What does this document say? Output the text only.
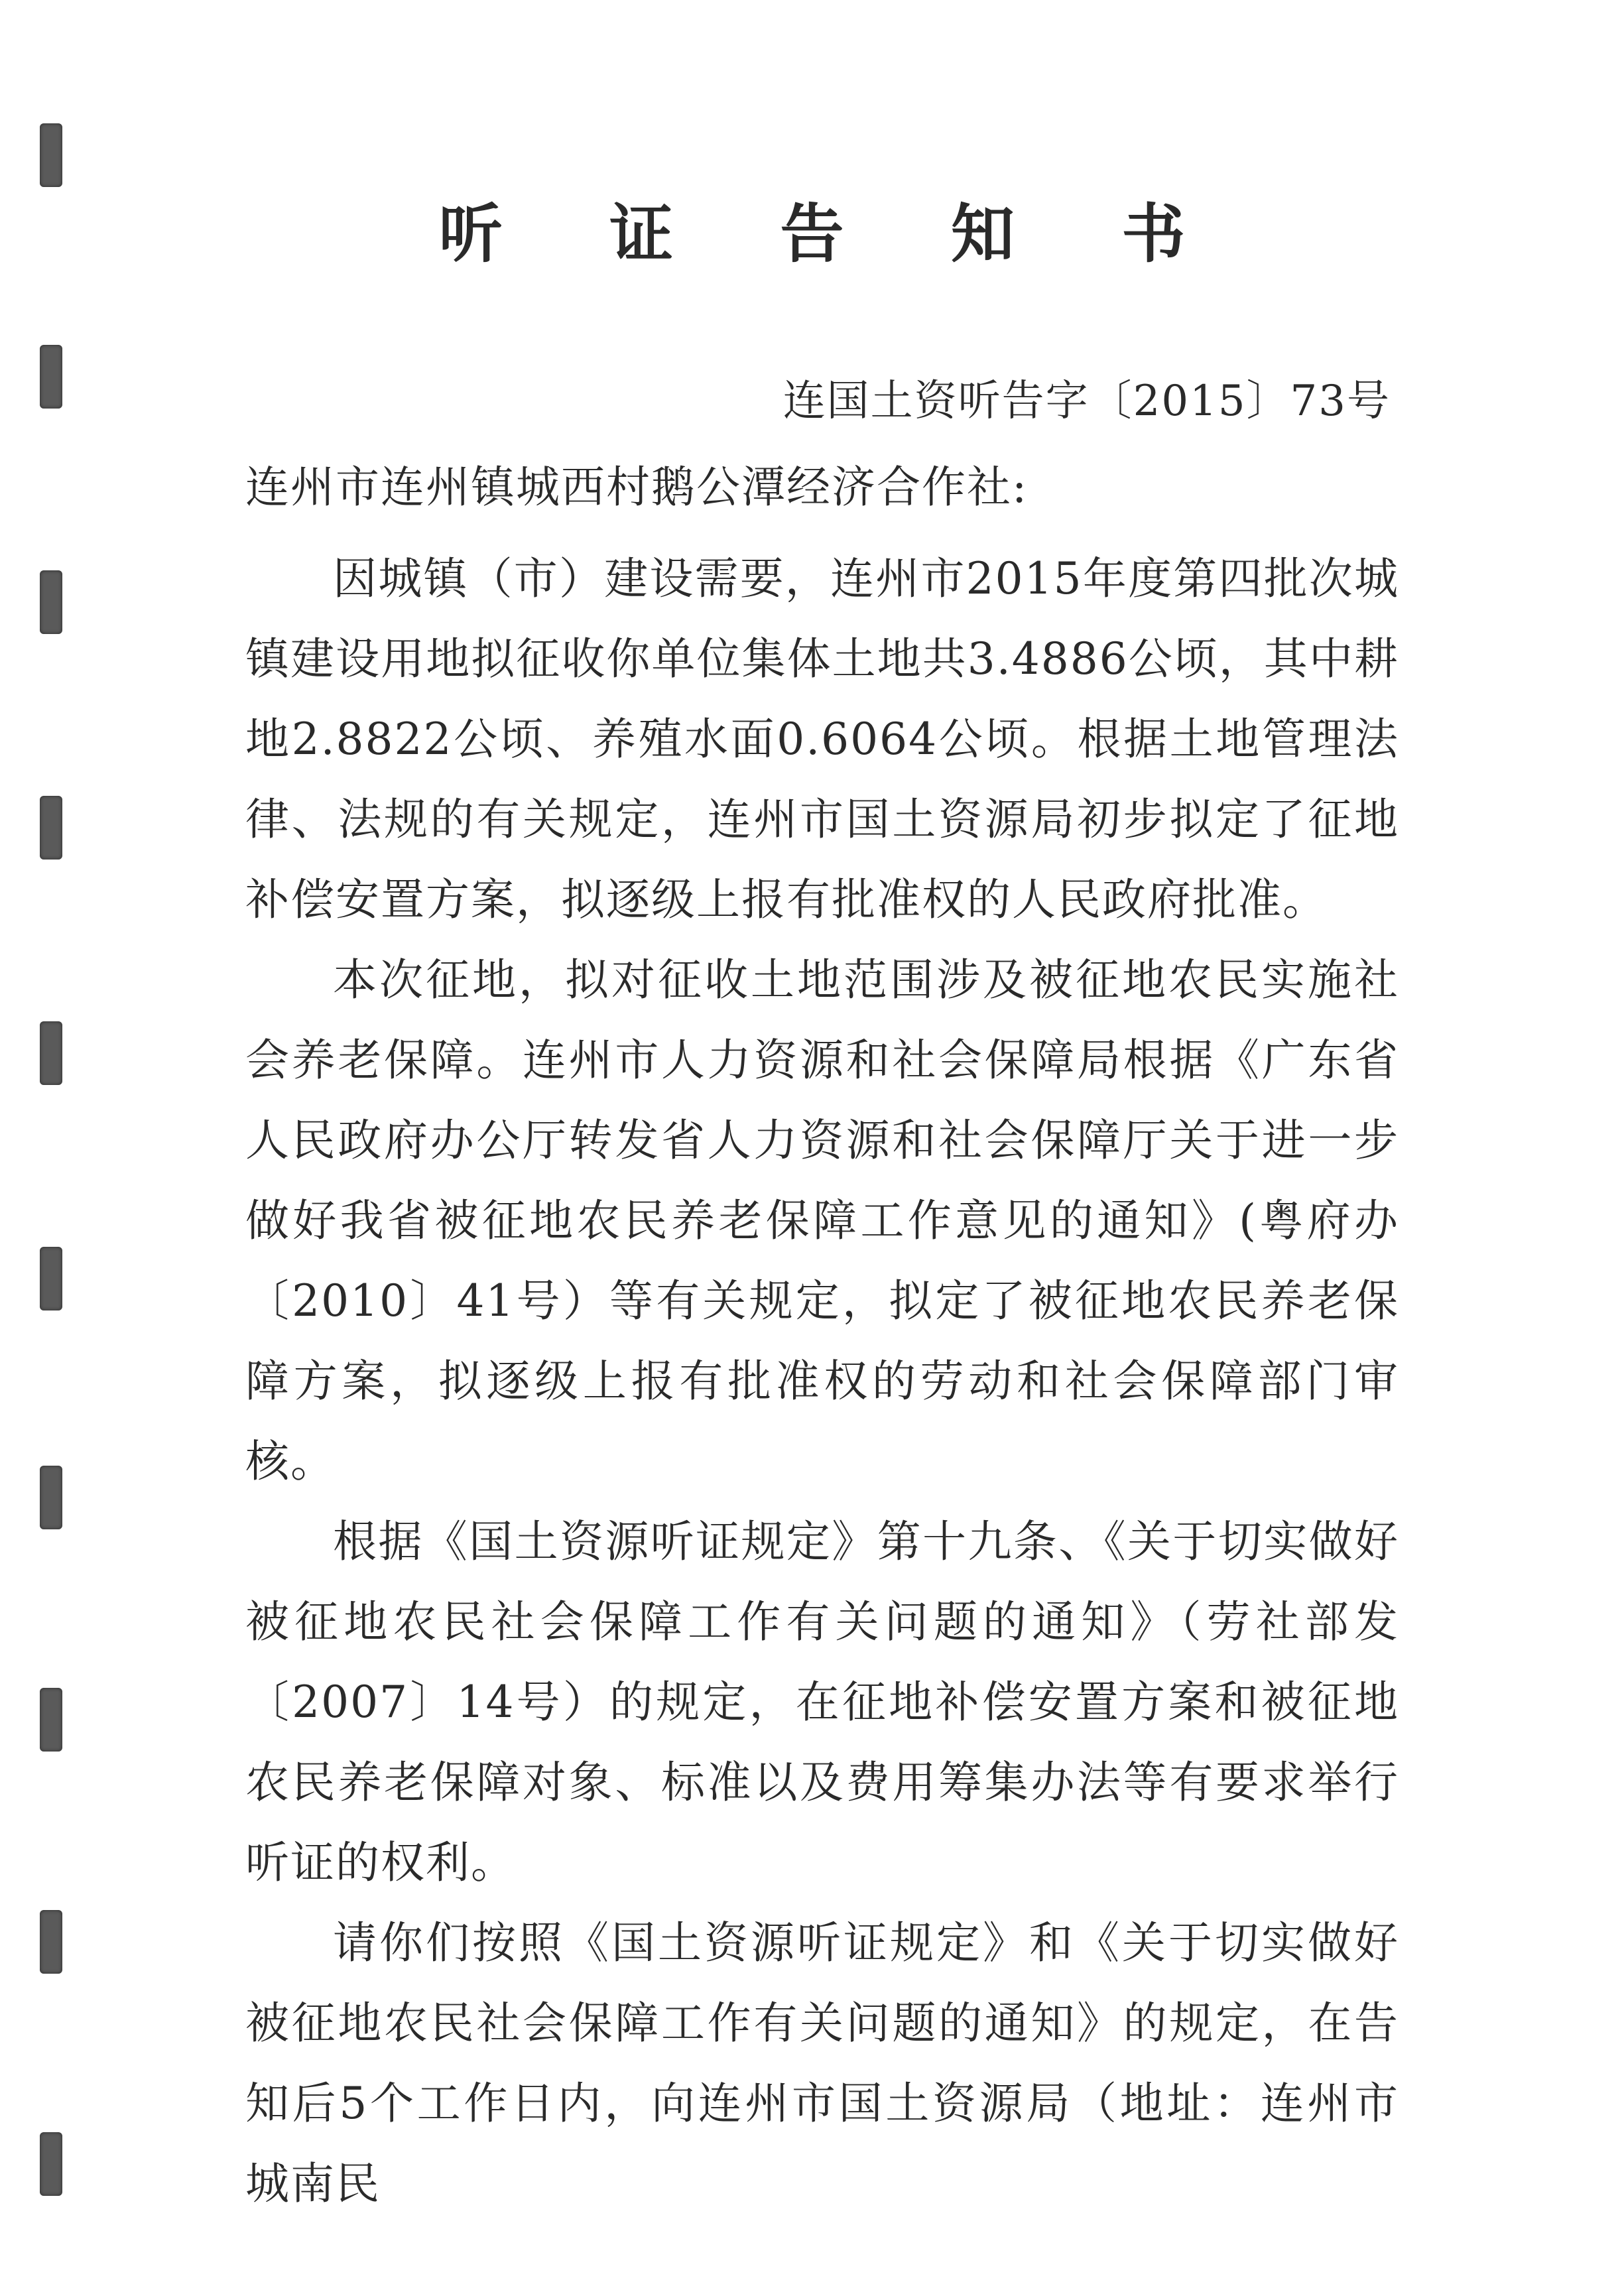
听 证 告 知 书
连国土资听告字〔2015〕73号
连州市连州镇城西村鹅公潭经济合作社:

因城镇（市）建设需要，连州市2015年度第四批次城镇建设用地拟征收你单位集体土地共3.4886公顷，其中耕地2.8822公顷、养殖水面0.6064公顷。根据土地管理法律、法规的有关规定，连州市国土资源局初步拟定了征地补偿安置方案，拟逐级上报有批准权的人民政府批准。

本次征地，拟对征收土地范围涉及被征地农民实施社会养老保障。连州市人力资源和社会保障局根据《广东省人民政府办公厅转发省人力资源和社会保障厅关于进一步做好我省被征地农民养老保障工作意见的通知》(粤府办〔2010〕41号）等有关规定，拟定了被征地农民养老保障方案，拟逐级上报有批准权的劳动和社会保障部门审核。

根据《国土资源听证规定》第十九条、《关于切实做好被征地农民社会保障工作有关问题的通知》（劳社部发〔2007〕14号）的规定，在征地补偿安置方案和被征地农民养老保障对象、标准以及费用筹集办法等有要求举行听证的权利。

请你们按照《国土资源听证规定》和《关于切实做好被征地农民社会保障工作有关问题的通知》的规定，在告知后5个工作日内，向连州市国土资源局（地址：连州市城南民
